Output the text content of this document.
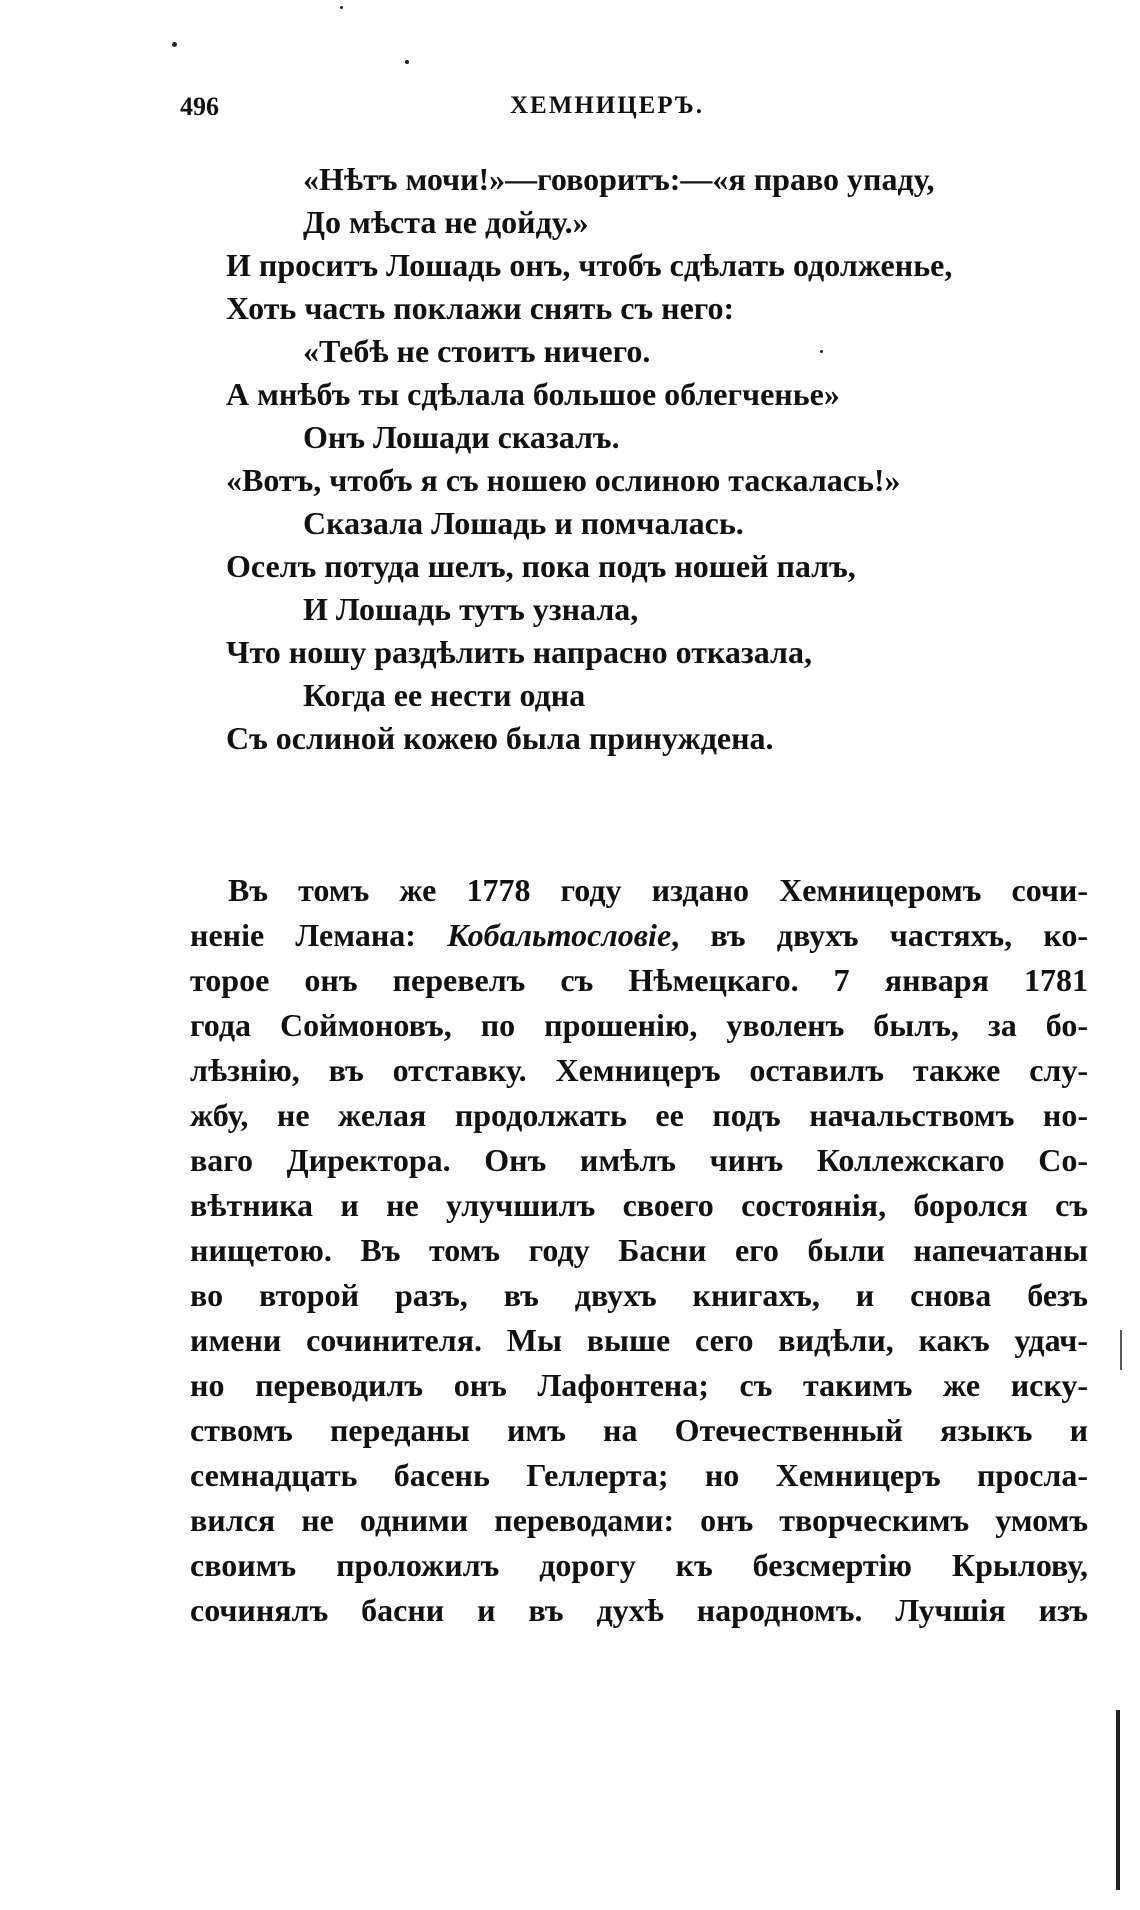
496	ХЕМНИЦЕРЪ.
«Нѣтъ мочи!»—говоритъ:—«я право упаду,
До мѣста не дойду.»
И проситъ Лошадь онъ, чтобъ сдѣлать одолженье,
Хоть часть поклажи снять съ него:
«Тебѣ не стоитъ ничего.
А мнѣбъ ты сдѣлала большое облегченье»
Онъ Лошади сказалъ.
«Вотъ, чтобъ я съ ношею ослиною таскалась!»
Сказала Лошадь и помчалась.
Оселъ потуда шелъ, пока подъ ношей палъ,
И Лошадь тутъ узнала,
Что ношу раздѣлить напрасно отказала,
Когда ее нести одна
Съ ослиной кожею была принуждена.
Въ томъ же 1778 году издано Хемницеромъ сочи-
неніе Лемана: Кобальтословіе, въ двухъ частяхъ, ко-
торое онъ перевелъ съ Нѣмецкаго. 7 января 1781
года Соймоновъ, по прошенію, уволенъ былъ, за бо-
лѣзнію, въ отставку. Хемницеръ оставилъ также слу-
жбу, не желая продолжать ее подъ начальствомъ но-
ваго Директора. Онъ имѣлъ чинъ Коллежскаго Со-
вѣтника и не улучшилъ своего состоянія, боролся съ
нищетою. Въ томъ году Басни его были напечатаны
во второй разъ, въ двухъ книгахъ, и снова безъ
имени сочинителя. Мы выше сего видѣли, какъ удач-
но переводилъ онъ Лафонтена; съ такимъ же иску-
ствомъ переданы имъ на Отечественный языкъ и
семнадцать басень Геллерта; но Хемницеръ просла-
вился не одними переводами: онъ творческимъ умомъ
своимъ проложилъ дорогу къ безсмертію Крылову,
сочинялъ басни и въ духѣ народномъ. Лучшія изъ
